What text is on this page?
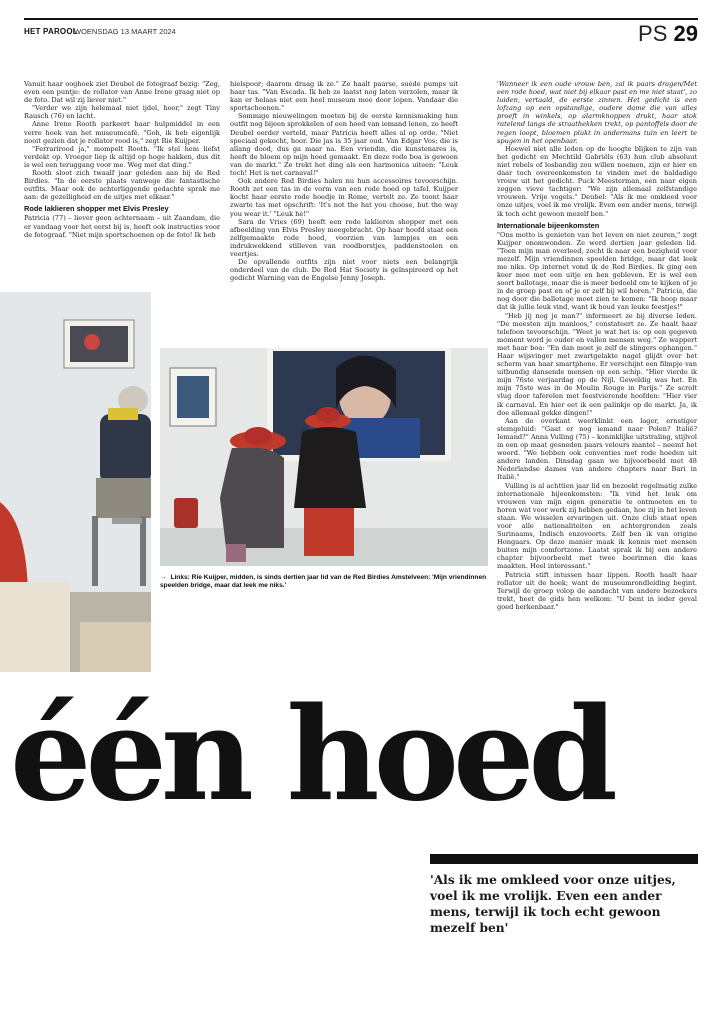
HET PAROOL
WOENSDAG 13 MAART 2024	PS 29

Vanuit haar ooghoek ziet Deubel de fotograaf bezig: "Zeg, even een puntje: de rollator van Anne Irene graag niet op de foto. Dat wil zij liever niet."

"Verder we zijn helemaal niet ijdel, hoor," zegt Tiny Rausch (76) en lacht.

Anne Irene Rooth parkeert haar hulpmiddel in een verre hoek van het museumcafé. "Goh, ik heb eigenlijk nooit gezien dat je rollator rood is," zegt Rie Kuijper.

"Ferrarirood ja," mompelt Rooth. "Ik stel hem liefst verdekt op. Vroeger liep ik altijd op hoge hakken, dus dit is wel een teruggang voor me. Weg met dat ding."

Rooth sloot zich twaalf jaar geleden aan bij de Red Birdies. "In de eerste plaats vanwege die fantastische outfits. Maar ook de achterliggende gedachte sprak me aan: de gezelligheid en de uitjes met elkaar."

Rode laklieren shopper met Elvis Presley

Patricia (77) – liever geen achternaam – uit Zaandam, die er vandaag voor het eerst bij is, heeft ook instructies voor de fotograaf. "Niet mijn sportschoenen op de foto! Ik heb

hielspoor; daarom draag ik ze." Ze haalt paarse, suède pumps uit haar tas. "Van Escada. Ik heb ze laatst nog laten verzolen, maar ik kan er helaas niet een heel museum mee door lopen. Vandaar die sportschoenen."

Sommige nieuwelingen moeten bij de eerste kennismaking hun outfit nog bijeen sprokkelen of een hoed van iemand lenen, zo heeft Deubel eerder verteld, maar Patricia heeft alles al op orde. "Niet speciaal gekocht, hoor. Die jas is 35 jaar oud. Van Edgar Vos; die is allang dood, dus ga maar na. Een vriendin, die kunstenares is, heeft de bloem op mijn hoed gemaakt. En deze rode boa is gewoon van de markt." Ze trekt het ding als een harmonica uiteen: "Leuk toch! Het is net carnaval!"

Ook andere Red Birdies halen nu hun accessoires tevoorschijn. Rooth zet een tas in de vorm van een rode hoed op tafel. Kuijper kocht haar eerste rode hoedje in Rome, vertelt ze. Ze toont haar zwarte tas met opschrift: 'It's not the hat you choose, but the way you wear it.' "Leuk hè!"

Sara de Vries (69) heeft een rode laklieren shopper met een afbeelding van Elvis Presley meegebracht. Op haar hoofd staat een zelfgemaakte rode hoed, voorzien van lampjes en een indrukwekkend stilleven van roodborstjes, paddenstoelen en veertjes.

De opvallende outfits zijn niet voor niets een belangrijk onderdeel van de club. De Red Hat Society is geïnspireerd op het gedicht Warning van de Engelse Jenny Joseph.

'Wanneer ik een oude vrouw ben, zal ik paars dragen/Met een rode hoed, wat niet bij elkaar past en me niet staat', zo luiden, vertaald, de eerste zinnen. Het gedicht is een lofzang op een opstandige, oudere dame die van alles proeft in winkels, op alarmknoppen drukt, haar stok ratelend langs de straathekken trekt, op pantoffels door de regen loopt, bloemen plukt in andermans tuin en leert te spugen in het openbaar.

Hoewel niet alle leden op de hoogte blijken te zijn van het gedicht en Mechtild Gabriëls (63) hun club absoluut niet rebels of losbandig zou willen noemen, zijn er hier en daar toch overeenkomsten te vinden met de baldadige vrouw uit het gedicht. Puck Meesterman, een naar eigen zeggen vieve tachtiger: "We zijn allemaal zelfstandige vrouwen. Vrije vogels." Deubel: "Als ik me omkleed voor onze uitjes, voel ik me vrolijk. Even een ander mens, terwijl ik toch echt gewoon mezelf ben."

Internationale bijeenkomsten

"Ons motto is genieten van het leven en niet zeuren," zegt Kuijper onomwonden. Ze werd dertien jaar geleden lid. "Toen mijn man overleed, zocht ik naar een bezigheid voor mezelf. Mijn vriendinnen speelden bridge, maar dat leek me niks. Op internet vond ik de Red Birdies. Ik ging een keer mee met een uitje en ben gebleven. Er is wel een soort ballotage, maar die is meer bedoeld om te kijken of je in de groep past en of je er zelf bij wil horen." Patricia, die nog door die ballotage moet zien te komen: "Ik hoop maar dat ik jullie leuk vind, want ik houd van leuke feestjes!"

"Heb jij nog je man?" informeert ze bij diverse leden. "De meesten zijn manloos," constateert ze. Ze haalt haar telefoon tevoorschijn. "Weet je wat het is: op een gegeven moment word je ouder en vallen mensen weg." Ze wappert met haar boa: "En dan moet je zelf de slingers ophangen." Haar wijsvinger met zwartgelakte nagel glijdt over het scherm van haar smartphone. Er verschijnt een filmpje van uitbundig dansende mensen op een schip. "Hier vierde ik mijn 76ste verjaardag op de Nijl. Geweldig was het. En mijn 75ste was in de Moulin Rouge in Parijs." Ze scrolt vlug door taferelen met feestvierende hoofden: "Hier vier ik carnaval. En hier eet ik een palinkje op de markt. Ja, ik doe allemaal gekke dingen!"

Aan de overkant weerklinkt een lager, ernstiger stemgeluid: "Gaat er nog iemand naar Polen? Italië? Iemand?" Anna Vulling (75) – koninklijke uitstraling, stijlvol in een op maat gesneden paars velours mantel – neemt het woord. "We hebben ook conventies met rode hoeden uit andere landen. Dinsdag gaan we bijvoorbeeld met 48 Nederlandse dames van andere chapters naar Bari in Italië."

Vulling is al achttien jaar lid en bezoekt regelmatig zulke internationale bijeenkomsten: "Ik vind het leuk om vrouwen van mijn eigen generatie te ontmoeten en te horen wat voor werk zij hebben gedaan, hoe zij in het leven staan. We wisselen ervaringen uit. Onze club staat open voor alle nationaliteiten en achtergronden zoals Surinaams, Indisch enzovoorts. Zelf ben ik van origine Hongaars. Op deze manier maak ik kennis met mensen buiten mijn comfortzone. Laatst sprak ik bij een andere chapter bijvoorbeeld met twee boerinnen die kaas maakten. Heel interessant."

Patricia stift intussen haar lippen. Rooth haalt haar rollator uit de hoek; want de museumrondleiding begint. Terwijl de groep volop de aandacht van andere bezoekers trekt, heet de gids hen welkom: "U bent in ieder geval goed herkenbaar."

→ Links: Rie Kuijper, midden, is sinds dertien jaar lid van de Red Birdies Amstelveen: 'Mijn vriendinnen speelden bridge, maar dat leek me niks.'
één hoed
'Als ik me omkleed voor onze uitjes, voel ik me vrolijk. Even een ander mens, terwijl ik toch echt gewoon mezelf ben'
